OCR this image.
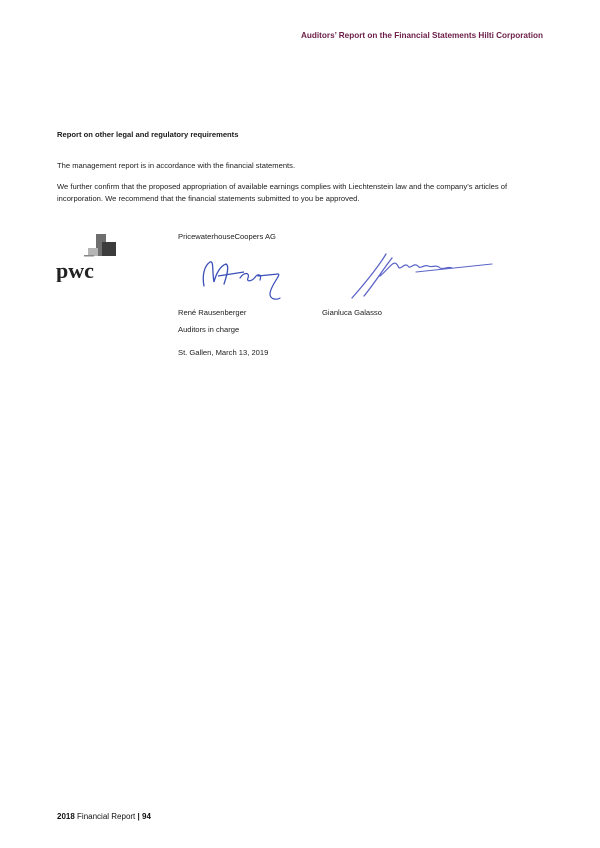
Auditors’ Report on the Financial Statements Hilti Corporation
Report on other legal and regulatory requirements
The management report is in accordance with the financial statements.
We further confirm that the proposed appropriation of available earnings complies with Liechtenstein law and the company’s articles of incorporation. We recommend that the financial statements submitted to you be approved.
pwc
PricewaterhouseCoopers AG
René Rausenberger	Gianluca Galasso
Auditors in charge
St. Gallen, March 13, 2019
2018 Financial Report | 94
